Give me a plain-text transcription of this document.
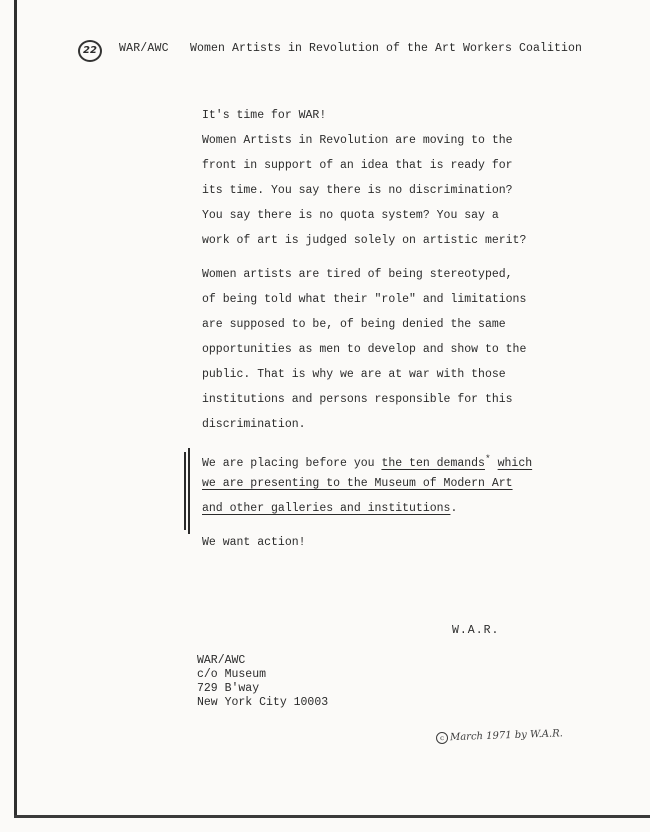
22	WAR/AWC Women Artists in Revolution of the Art Workers Coalition
It's time for WAR!
Women Artists in Revolution are moving to the
front in support of an idea that is ready for
its time. You say there is no discrimination?
You say there is no quota system? You say a
work of art is judged solely on artistic merit?
Women artists are tired of being stereotyped,
of being told what their "role" and limitations
are supposed to be, of being denied the same
opportunities as men to develop and show to the
public. That is why we are at war with those
institutions and persons responsible for this
discrimination.
We are placing before you the ten demands* which
we are presenting to the Museum of Modern Art
and other galleries and institutions.
We want action!
W.A.R.
WAR/AWC
c/o Museum
729 B'way
New York City 10003
c March 1971 by W.A.R.
